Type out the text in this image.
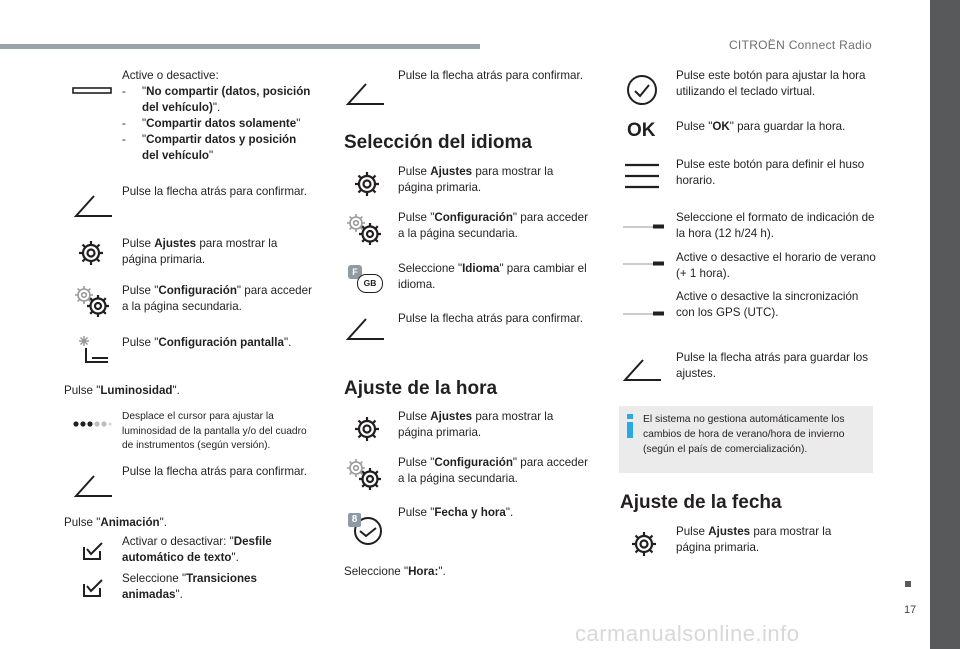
CITROËN Connect Radio
17
carmanualsonline.info
Active o desactive:
- "No compartir (datos, posición del vehículo)".
- "Compartir datos solamente"
- "Compartir datos y posición del vehículo"
Pulse la flecha atrás para confirmar.
Pulse Ajustes para mostrar la página primaria.
Pulse "Configuración" para acceder a la página secundaria.
Pulse "Configuración pantalla".
Pulse "Luminosidad".
Desplace el cursor para ajustar la luminosidad de la pantalla y/o del cuadro de instrumentos (según versión).
Pulse la flecha atrás para confirmar.
Pulse "Animación".
Activar o desactivar: "Desfile automático de texto".
Seleccione "Transiciones animadas".
Pulse la flecha atrás para confirmar.
Selección del idioma
Pulse Ajustes para mostrar la página primaria.
Pulse "Configuración" para acceder a la página secundaria.
F
GB
Seleccione "Idioma" para cambiar el idioma.
Pulse la flecha atrás para confirmar.
Ajuste de la hora
Pulse Ajustes para mostrar la página primaria.
Pulse "Configuración" para acceder a la página secundaria.
8
Pulse "Fecha y hora".
Seleccione "Hora:".
Pulse este botón para ajustar la hora utilizando el teclado virtual.
OK Pulse "OK" para guardar la hora.
Pulse este botón para definir el huso horario.
Seleccione el formato de indicación de la hora (12 h/24 h).
Active o desactive el horario de verano (+ 1 hora).
Active o desactive la sincronización con los GPS (UTC).
Pulse la flecha atrás para guardar los ajustes.
El sistema no gestiona automáticamente los cambios de hora de verano/hora de invierno (según el país de comercialización).
Ajuste de la fecha
Pulse Ajustes para mostrar la página primaria.
